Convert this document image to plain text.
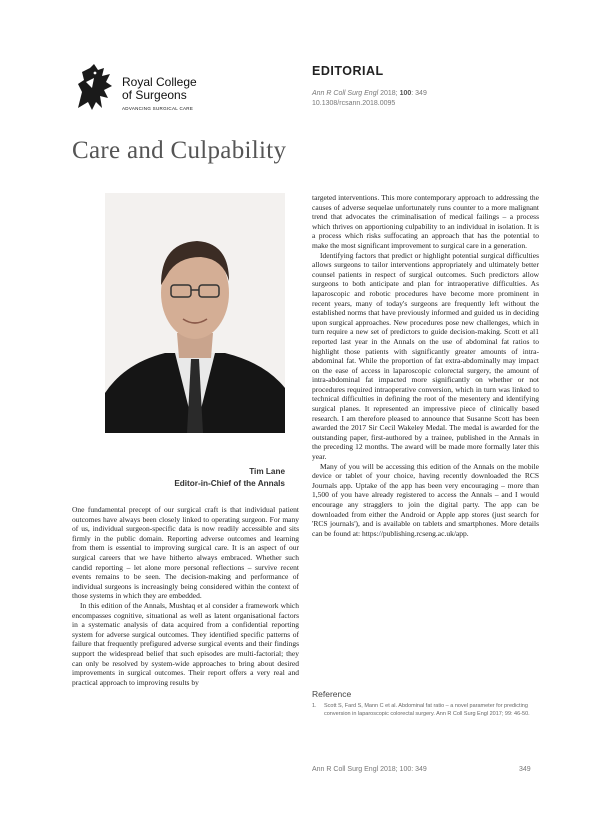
Royal College
of Surgeons
ADVANCING SURGICAL CARE
EDITORIAL
Ann R Coll Surg Engl 2018; 100: 349
10.1308/rcsann.2018.0095
Care and Culpability
Tim Lane
Editor-in-Chief of the Annals

One fundamental precept of our surgical craft is that individual patient outcomes have always been closely linked to operating surgeon. For many of us, individual surgeon-specific data is now readily accessible and sits firmly in the public domain. Reporting adverse outcomes and learning from them is essential to improving surgical care. It is an aspect of our surgical careers that we have hitherto always embraced. Whether such candid reporting – let alone more personal reflections – survive recent events remains to be seen. The decision-making and performance of individual surgeons is increasingly being considered within the context of those systems in which they are embedded.

In this edition of the Annals, Mushtaq et al consider a framework which encompasses cognitive, situational as well as latent organisational factors in a systematic analysis of data acquired from a confidential reporting system for adverse surgical outcomes. They identified specific patterns of failure that frequently prefigured adverse surgical events and their findings support the widespread belief that such episodes are multi-factorial; they can only be resolved by system-wide approaches to bring about desired improvements in surgical outcomes. Their report offers a very real and practical approach to improving results by

targeted interventions. This more contemporary approach to addressing the causes of adverse sequelae unfortunately runs counter to a more malignant trend that advocates the criminalisation of medical failings – a process which thrives on apportioning culpability to an individual in isolation. It is a process which risks suffocating an approach that has the potential to make the most significant improvement to surgical care in a generation.

Identifying factors that predict or highlight potential surgical difficulties allows surgeons to tailor interventions appropriately and ultimately better counsel patients in respect of surgical outcomes. Such predictors allow surgeons to both anticipate and plan for intraoperative difficulties. As laparoscopic and robotic procedures have become more prominent in recent years, many of today's surgeons are frequently left without the established norms that have previously informed and guided us in deciding upon surgical approaches. New procedures pose new challenges, which in turn require a new set of predictors to guide decision-making. Scott et al1 reported last year in the Annals on the use of abdominal fat ratios to highlight those patients with significantly greater amounts of intra-abdominal fat. While the proportion of fat extra-abdominally may impact on the ease of access in laparoscopic colorectal surgery, the amount of intra-abdominal fat impacted more significantly on whether or not procedures required intraoperative conversion, which in turn was linked to technical difficulties in defining the root of the mesentery and identifying surgical planes. It represented an impressive piece of clinically based research. I am therefore pleased to announce that Susanne Scott has been awarded the 2017 Sir Cecil Wakeley Medal. The medal is awarded for the outstanding paper, first-authored by a trainee, published in the Annals in the preceding 12 months. The award will be made more formally later this year.

Many of you will be accessing this edition of the Annals on the mobile device or tablet of your choice, having recently downloaded the RCS Journals app. Uptake of the app has been very encouraging – more than 1,500 of you have already registered to access the Annals – and I would encourage any stragglers to join the digital party. The app can be downloaded from either the Android or Apple app stores (just search for 'RCS journals'), and is available on tablets and smartphones. More details can be found at: https://publishing.rcseng.ac.uk/app.

Reference
1. Scott S, Fard S, Mann C et al. Abdominal fat ratio – a novel parameter for predicting conversion in laparoscopic colorectal surgery. Ann R Coll Surg Engl 2017; 99: 46-50.
Ann R Coll Surg Engl 2018; 100: 349	349
